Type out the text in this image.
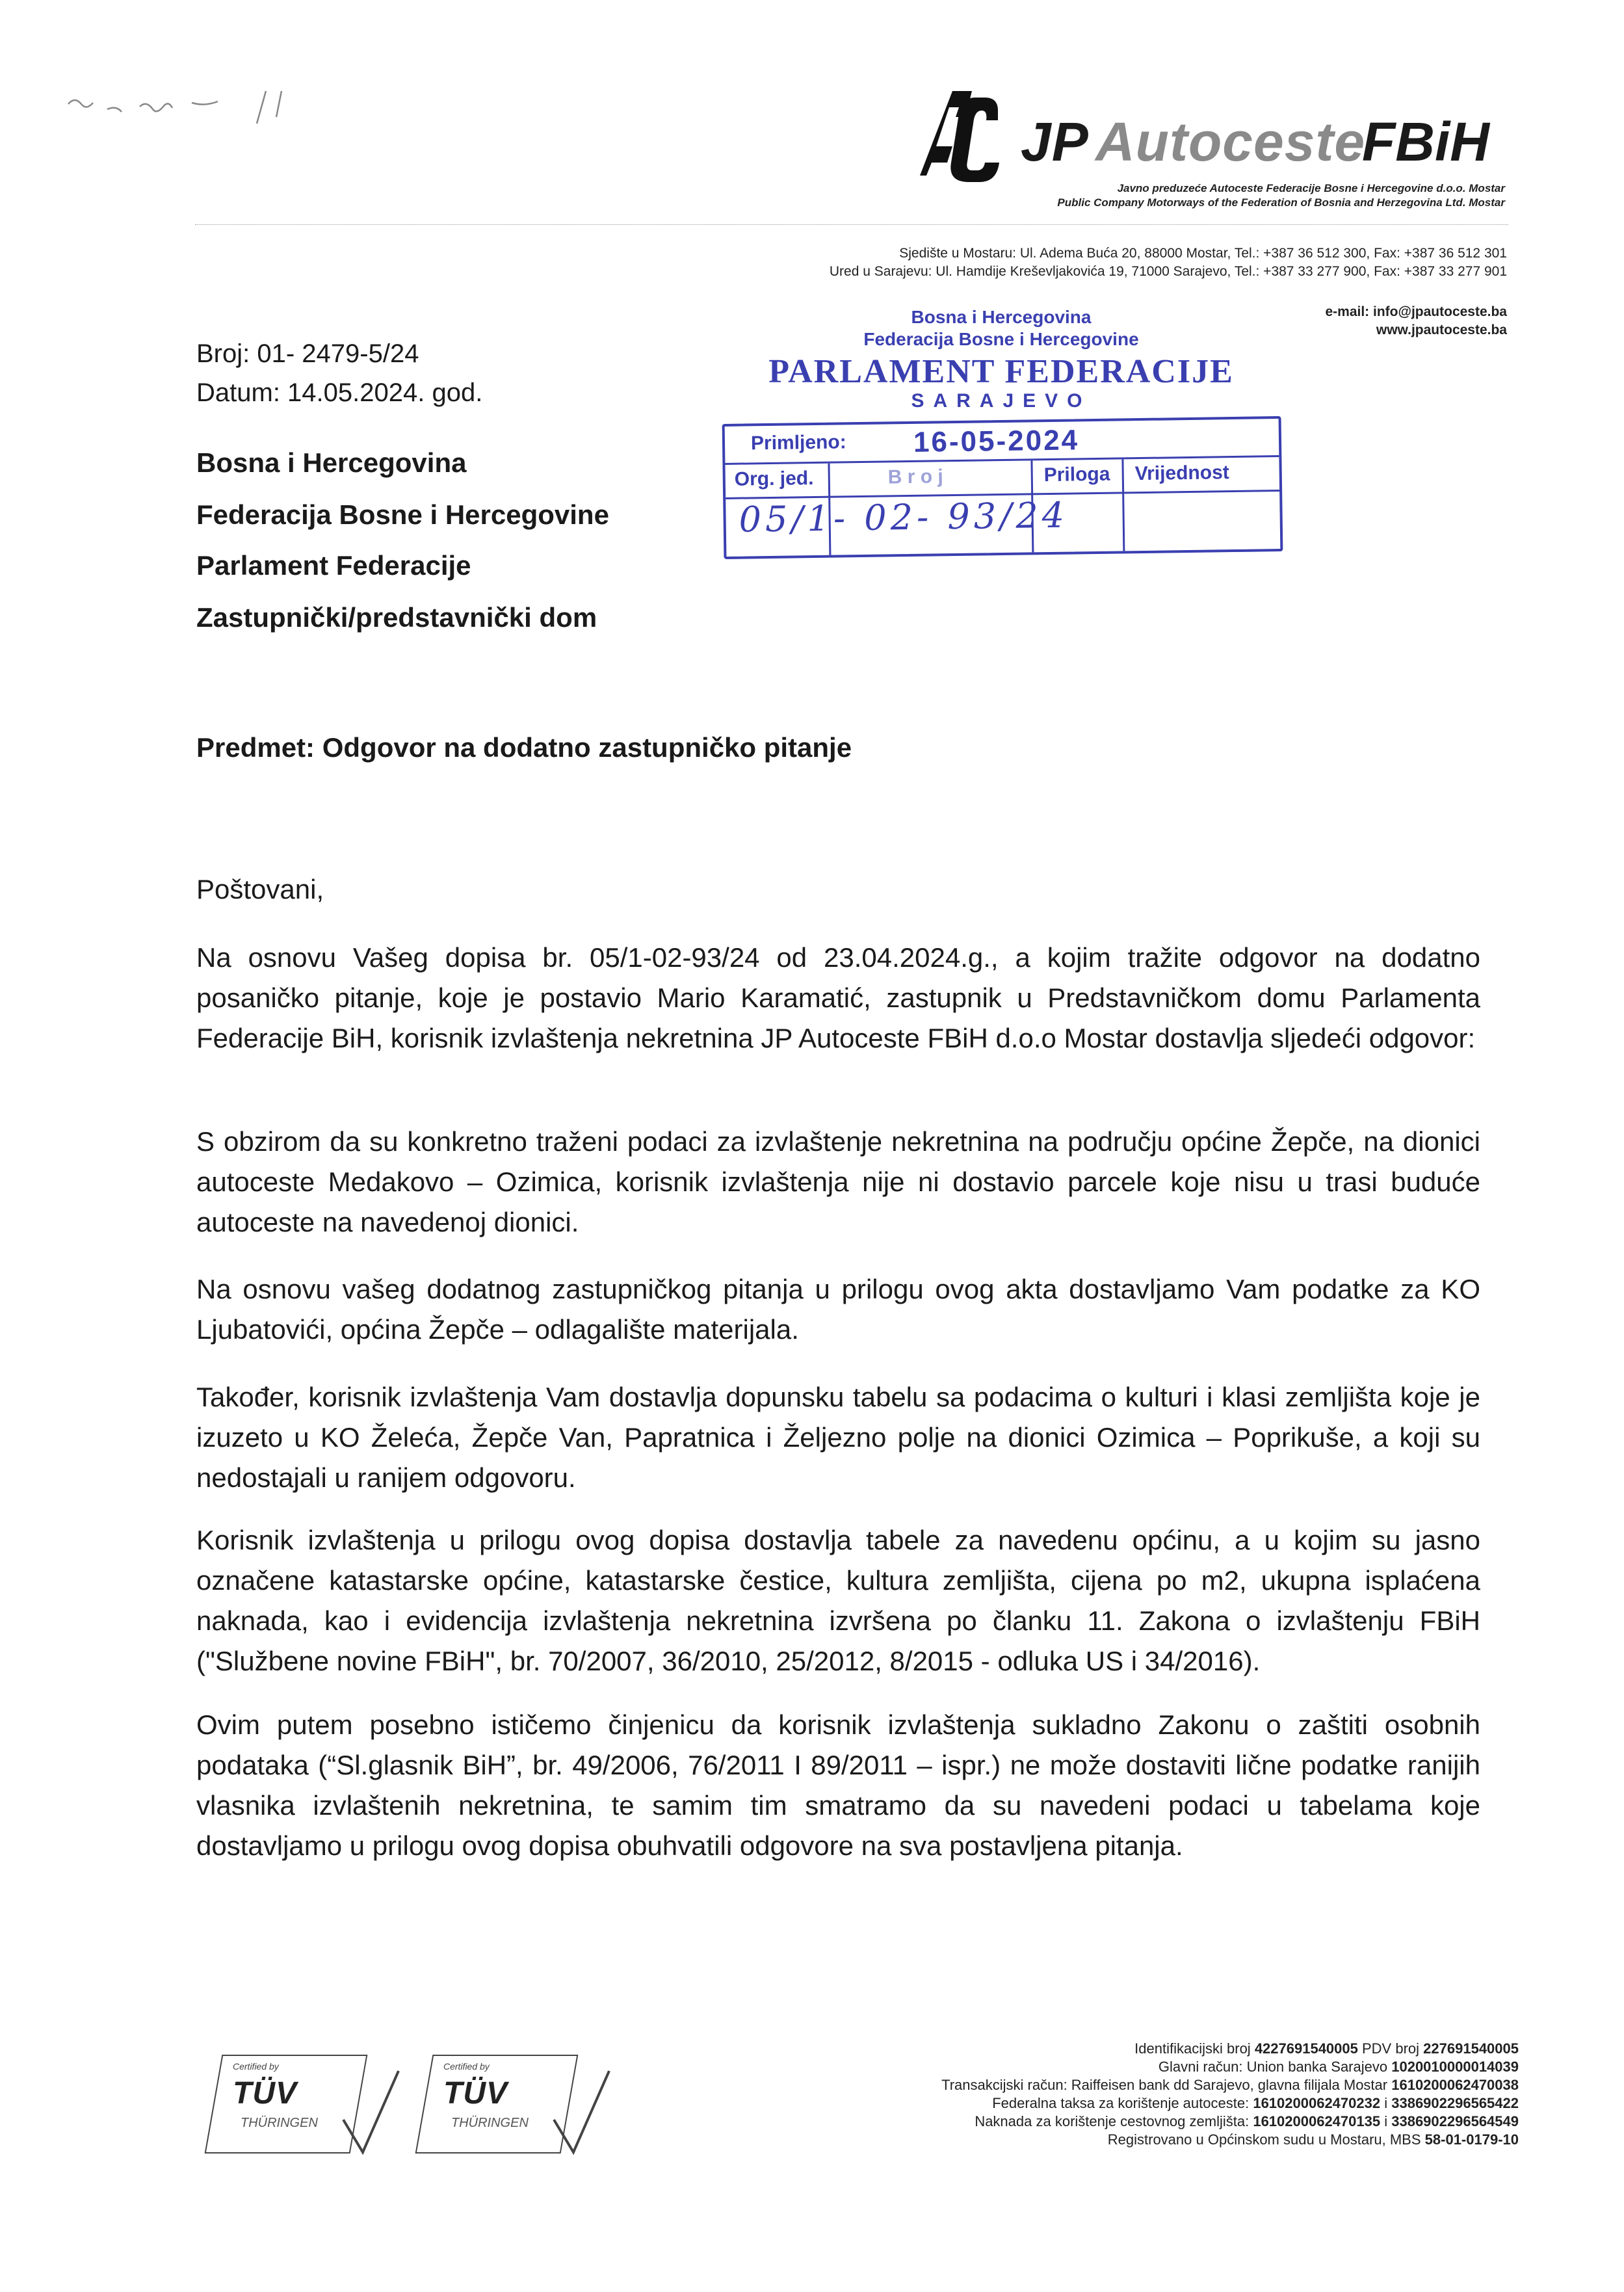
JP Autoceste
FBiH
Javno preduzeće Autoceste Federacije Bosne i Hercegovine d.o.o. Mostar
Public Company Motorways of the Federation of Bosnia and Herzegovina Ltd. Mostar
Sjedište u Mostaru: Ul. Adema Buća 20, 88000 Mostar, Tel.: +387 36 512 300, Fax: +387 36 512 301
Ured u Sarajevu: Ul. Hamdije Kreševljakovića 19, 71000 Sarajevo, Tel.: +387 33 277 900, Fax: +387 33 277 901
e-mail: info@jpautoceste.ba
www.jpautoceste.ba
Broj: 01- 2479-5/24
Datum: 14.05.2024. god.
Bosna i Hercegovina
Federacija Bosne i Hercegovine
Parlament Federacije
Zastupnički/predstavnički dom
Bosna i Hercegovina
Federacija Bosne i Hercegovine
PARLAMENT FEDERACIJE
SARAJEVO
Primljeno: 16-05-2024
Org. jed.	B r o j	Priloga Vrijednost
05/1- 02- 93/24
Predmet: Odgovor na dodatno zastupničko pitanje
Poštovani,

Na osnovu Vašeg dopisa br. 05/1-02-93/24 od 23.04.2024.g., a kojim tražite odgovor na dodatno posaničko pitanje, koje je postavio Mario Karamatić, zastupnik u Predstavničkom domu Parlamenta Federacije BiH, korisnik izvlaštenja nekretnina JP Autoceste FBiH d.o.o Mostar dostavlja sljedeći odgovor:

S obzirom da su konkretno traženi podaci za izvlaštenje nekretnina na području općine Žepče, na dionici autoceste Medakovo – Ozimica, korisnik izvlaštenja nije ni dostavio parcele koje nisu u trasi buduće autoceste na navedenoj dionici.

Na osnovu vašeg dodatnog zastupničkog pitanja u prilogu ovog akta dostavljamo Vam podatke za KO Ljubatovići, općina Žepče – odlagalište materijala.

Također, korisnik izvlaštenja Vam dostavlja dopunsku tabelu sa podacima o kulturi i klasi zemljišta koje je izuzeto u KO Želeća, Žepče Van, Papratnica i Željezno polje na dionici Ozimica – Poprikuše, a koji su nedostajali u ranijem odgovoru.

Korisnik izvlaštenja u prilogu ovog dopisa dostavlja tabele za navedenu općinu, a u kojim su jasno označene katastarske općine, katastarske čestice, kultura zemljišta, cijena po m2, ukupna isplaćena naknada, kao i evidencija izvlaštenja nekretnina izvršena po članku 11. Zakona o izvlaštenju FBiH ("Službene novine FBiH", br. 70/2007, 36/2010, 25/2012, 8/2015 - odluka US i 34/2016).

Ovim putem posebno ističemo činjenicu da korisnik izvlaštenja sukladno Zakonu o zaštiti osobnih podataka (“Sl.glasnik BiH”, br. 49/2006, 76/2011 I 89/2011 – ispr.) ne može dostaviti lične podatke ranijih vlasnika izvlaštenih nekretnina, te samim tim smatramo da su navedeni podaci u tabelama koje dostavljamo u prilogu ovog dopisa obuhvatili odgovore na sva postavljena pitanja.

Certified by
TÜV
THÜRINGEN
Certified by
TÜV
THÜRINGEN
Identifikacijski broj 4227691540005 PDV broj 227691540005
Glavni račun: Union banka Sarajevo 1020010000014039
Transakcijski račun: Raiffeisen bank dd Sarajevo, glavna filijala Mostar 1610200062470038
Federalna taksa za korištenje autoceste: 1610200062470232 i 3386902296565422
Naknada za korištenje cestovnog zemljišta: 1610200062470135 i 3386902296564549
Registrovano u Općinskom sudu u Mostaru, MBS 58-01-0179-10
